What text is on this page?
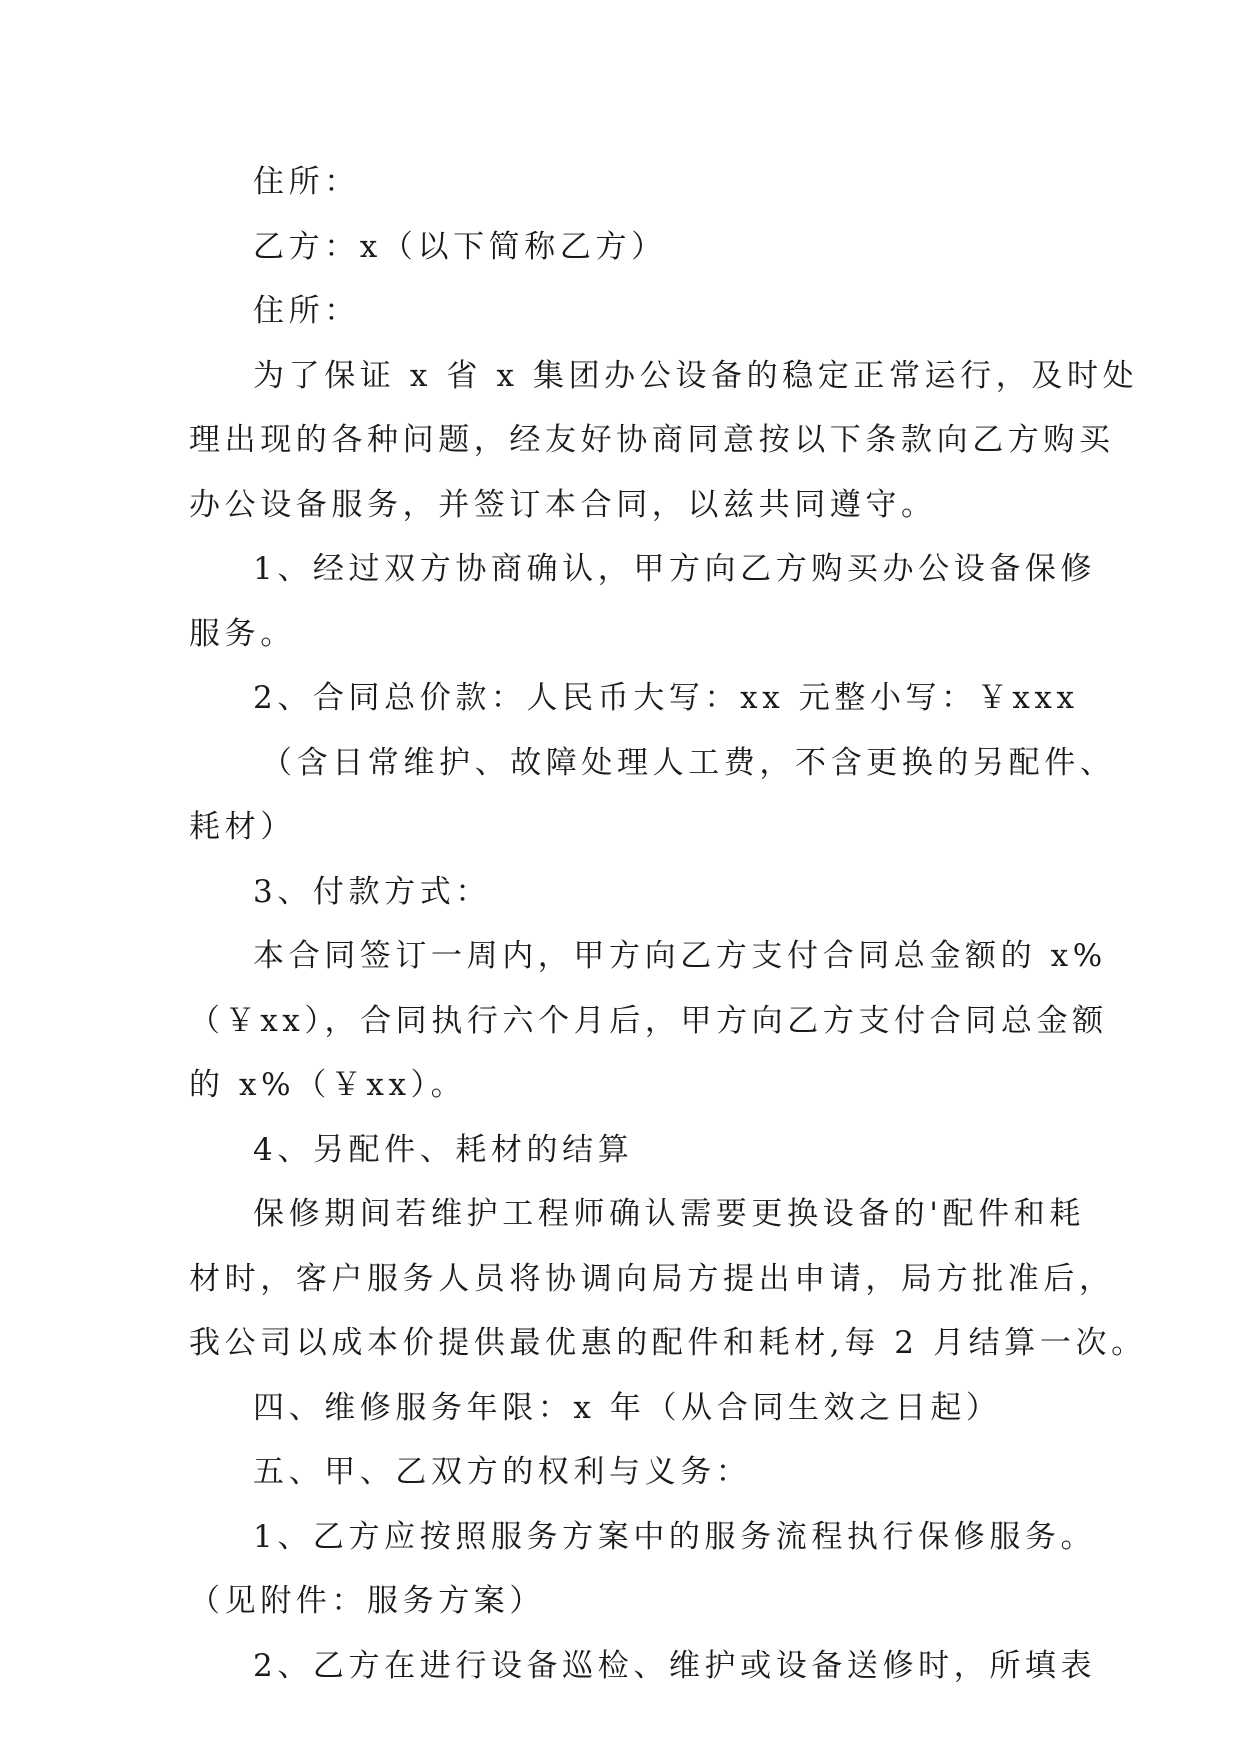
住所：
乙方：x（以下简称乙方）
住所：
为了保证 x 省 x 集团办公设备的稳定正常运行，及时处
理出现的各种问题，经友好协商同意按以下条款向乙方购买
办公设备服务，并签订本合同，以兹共同遵守。
1、经过双方协商确认，甲方向乙方购买办公设备保修
服务。
2、合同总价款：人民币大写：xx 元整小写：￥xxx
（含日常维护、故障处理人工费，不含更换的另配件、
耗材）
3、付款方式：
本合同签订一周内，甲方向乙方支付合同总金额的 x%
（￥xx），合同执行六个月后，甲方向乙方支付合同总金额
的 x%（￥xx）。
4、另配件、耗材的结算
保修期间若维护工程师确认需要更换设备的'配件和耗
材时，客户服务人员将协调向局方提出申请，局方批准后，
我公司以成本价提供最优惠的配件和耗材,每 2 月结算一次。
四、维修服务年限：x 年（从合同生效之日起）
五、甲、乙双方的权利与义务：
1、乙方应按照服务方案中的服务流程执行保修服务。
（见附件：服务方案）
2、乙方在进行设备巡检、维护或设备送修时，所填表
